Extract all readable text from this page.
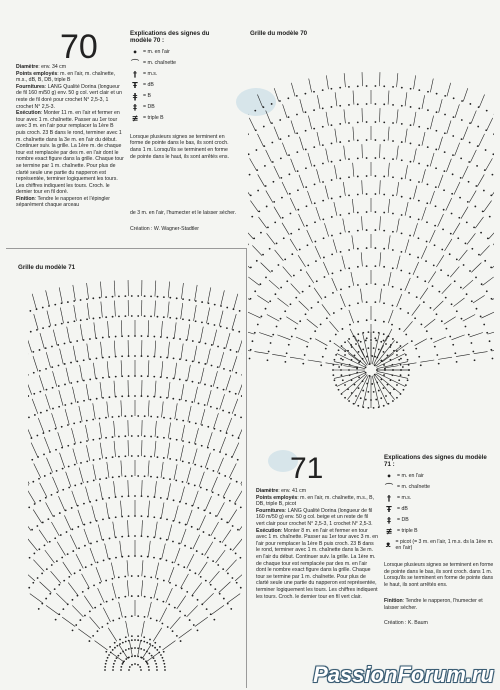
70
Diamètre: env. 34 cm
Points employés: m. en l'air, m. chaînette, m.s., dB, B, DB, triple B
Fournitures: LANG Qualité Dorina (longueur de fil 160 m/50 g) env. 50 g col. vert clair et un reste de fil doré pour crochet N° 2,5-3, 1 crochet N° 2,5-3.
Exécution: Monter 11 m. en l'air et fermer en tour avec 1 m. chaînette. Passer au 1er tour avec 3 m. en l'air pour remplacer la 1ère B puis croch. 23 B dans le rond, terminer avec 1 m. chaînette dans la 3e m. en l'air du début. Continuer suiv. la grille. La 1ère m. de chaque tour est remplacée par des m. en l'air dont le nombre exact figure dans la grille. Chaque tour se termine par 1 m. chaînette. Pour plus de clarté seule une partie du napperon est représentée, terminer logiquement les tours. Les chiffres indiquent les tours. Croch. le dernier tour en fil doré.
Finition: Tendre le napperon et l'épingler séparément chaque arceau
Explications des signes du modèle 70 :
•	= m. en l'air
⌒ = m. chaînette
†	= m.s.
Ŧ	= dB
ǂ	= B
‡	= DB
≢ = triple B
Lorsque plusieurs signes se terminent en forme de pointe dans le bas, ils sont croch. dans 1 m. Lorsqu'ils se terminent en forme de pointe dans le haut, ils sont arrêtés ens.
de 3 m. en l'air, l'humecter et le laisser sécher.
Création : W. Wagner-Stadtler
Grille du modèle 70
Grille du modèle 71
71	Explications des signes du modèle 71 :
•	= m. en l'air
⌒ = m. chaînette
†	= m.s.
Ŧ	= dB
‡	= DB
≢ = triple B
ᴥ = picot (= 3 m. en l'air, 1 m.s. ds la 1ère m. en l'air)
Lorsque plusieurs signes se terminent en forme de pointe dans le bas, ils sont croch. dans 1 m. Lorsqu'ils se terminent en forme de pointe dans le haut, ils sont arrêtés ens.
Finition: Tendre le napperon, l'humecter et laisser sécher.
Création : K. Baum
Diamètre: env. 41 cm
Points employés: m. en l'air, m. chaînette, m.s., B, DB, triple B, picot
Fournitures: LANG Qualité Dorina (longueur de fil 160 m/50 g) env. 50 g col. beige et un reste de fil vert clair pour crochet N° 2,5-3, 1 crochet N° 2,5-3.
Exécution: Monter 8 m. en l'air et fermer en tour avec 1 m. chaînette. Passer au 1er tour avec 3 m. en l'air pour remplacer la 1ère B puis croch. 23 B dans le rond, terminer avec 1 m. chaînette dans la 3e m. en l'air du début. Continuer suiv. la grille. La 1ère m. de chaque tour est remplacée par des m. en l'air dont le nombre exact figure dans la grille. Chaque tour se termine par 1 m. chaînette. Pour plus de clarté seule une partie du napperon est représentée, terminer logiquement les tours. Les chiffres indiquent les tours. Croch. le dernier tour en fil vert clair.
PassionForum.ru
